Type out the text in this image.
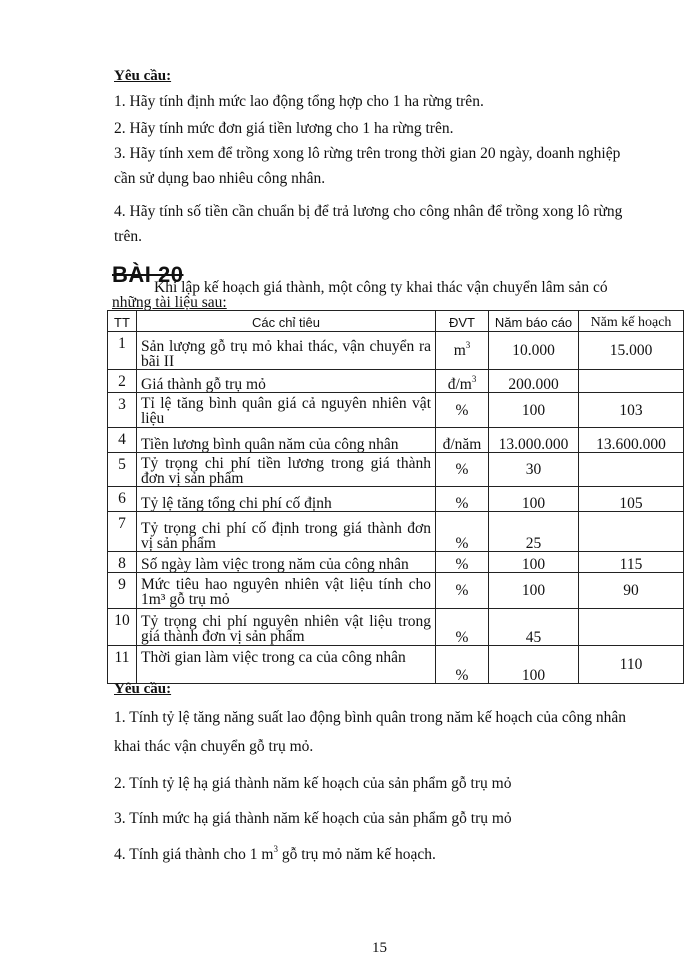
Yêu cầu:
1. Hãy tính định mức lao động tổng hợp cho 1 ha rừng trên.
2. Hãy tính mức đơn giá tiền lương cho 1 ha rừng trên.
3. Hãy tính xem để trồng xong lô rừng trên trong thời gian 20 ngày, doanh nghiệp
cần sử dụng bao nhiêu công nhân.
4. Hãy tính số tiền cần chuẩn bị để trả lương cho công nhân để trồng xong lô rừng
trên.
BÀI 20
Khi lập kế hoạch giá thành, một công ty khai thác vận chuyển lâm sản có
những tài liệu sau:
TT	Các chỉ tiêu	ĐVT	Năm báo cáo	Năm kế hoạch
1	Sản lượng gỗ trụ mỏ khai thác, vận chuyển ra bãi II	$m^3$	10.000	15.000
2	Giá thành gỗ trụ mỏ	$đ/m^3$	200.000	
3	Tỉ lệ tăng bình quân giá cả nguyên nhiên vật liệu	%	100	103
4	Tiền lương bình quân năm của công nhân	đ/năm	13.000.000	13.600.000
5	Tỷ trọng chi phí tiền lương trong giá thành đơn vị sản phẩm	%	30	
6	Tỷ lệ tăng tổng chi phí cố định	%	100	105
7	Tỷ trọng chi phí cố định trong giá thành đơn vị sản phẩm	%	25	
8	Số ngày làm việc trong năm của công nhân	%	100	115
9	Mức tiêu hao nguyên nhiên vật liệu tính cho 1m³ gỗ trụ mỏ	%	100	90
10	Tỷ trọng chi phí nguyên nhiên vật liệu trong giá thành đơn vị sản phẩm	%	45	
11	Thời gian làm việc trong ca của công nhân	%	100	110
Yêu cầu:
1. Tính tỷ lệ tăng năng suất lao động bình quân trong năm kế hoạch của công nhân
khai thác vận chuyển gỗ trụ mỏ.
2. Tính tỷ lệ hạ giá thành năm kế hoạch của sản phẩm gỗ trụ mỏ
3. Tính mức hạ giá thành năm kế hoạch của sản phẩm gỗ trụ mỏ
4. Tính giá thành cho 1 $m^3$ gỗ trụ mỏ năm kế hoạch.
15
